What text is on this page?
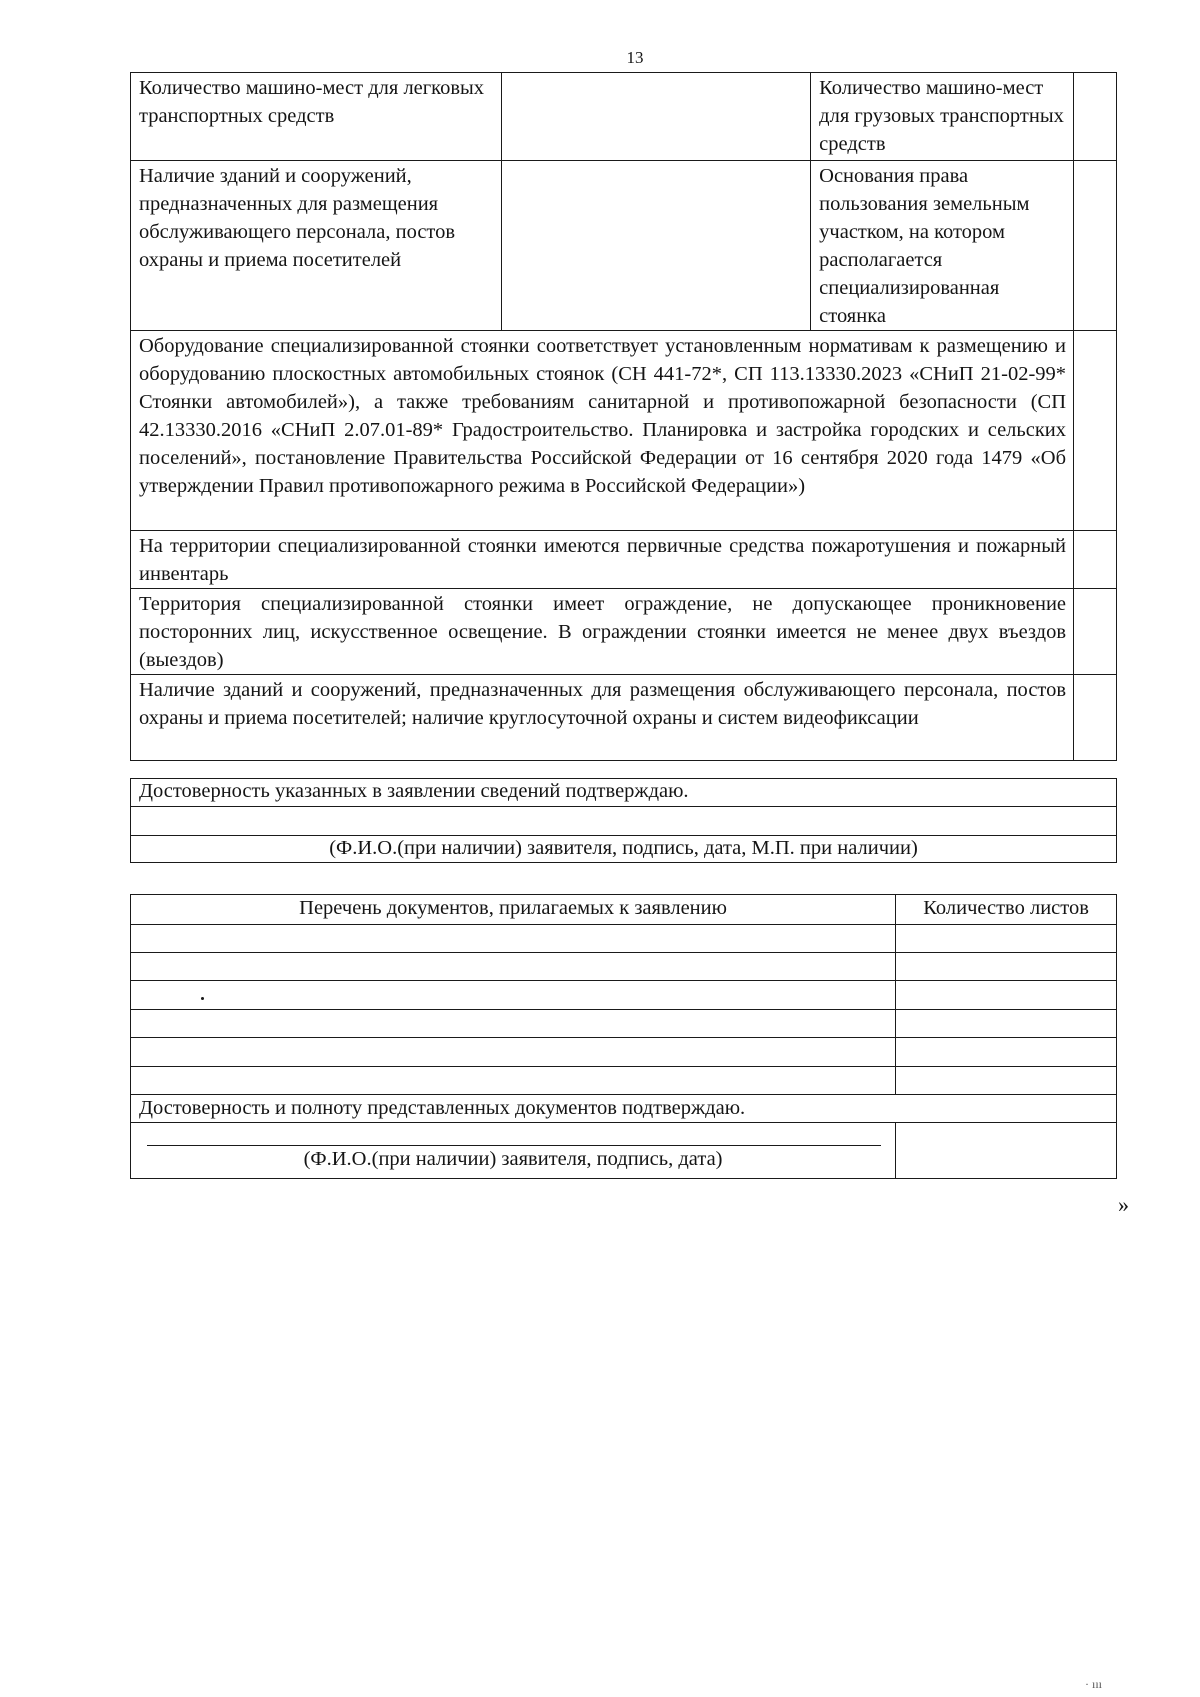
13
Количество машино-мест для легковых транспортных средств		Количество машино-мест для грузовых транспортных средств	
Наличие зданий и сооружений, предназначенных для размещения обслуживающего персонала, постов охраны и приема посетителей		Основания права пользования земельным участком, на котором располагается специализированная стоянка	
Оборудование специализированной стоянки соответствует установленным нормативам к размещению и оборудованию плоскостных автомобильных стоянок (СН 441-72*, СП 113.13330.2023 «СНиП 21-02-99* Стоянки автомобилей»), а также требованиям санитарной и противопожарной безопасности (СП 42.13330.2016 «СНиП 2.07.01-89* Градостроительство. Планировка и застройка городских и сельских поселений», постановление Правительства Российской Федерации от 16 сентября 2020 года 1479 «Об утверждении Правил противопожарного режима в Российской Федерации»)			
На территории специализированной стоянки имеются первичные средства пожаротушения и пожарный инвентарь			
Территория специализированной стоянки имеет ограждение, не допускающее проникновение посторонних лиц, искусственное освещение. В ограждении стоянки имеется не менее двух въездов (выездов)			
Наличие зданий и сооружений, предназначенных для размещения обслуживающего персонала, постов охраны и приема посетителей; наличие круглосуточной охраны и систем видеофиксации			
Достоверность указанных в заявлении сведений подтверждаю.

(Ф.И.О.(при наличии) заявителя, подпись, дата, М.П. при наличии)
Перечень документов, прилагаемых к заявлению	Количество листов

Достоверность и полноту представленных документов подтверждаю.	

(Ф.И.О.(при наличии) заявителя, подпись, дата)	

»
· ııı
